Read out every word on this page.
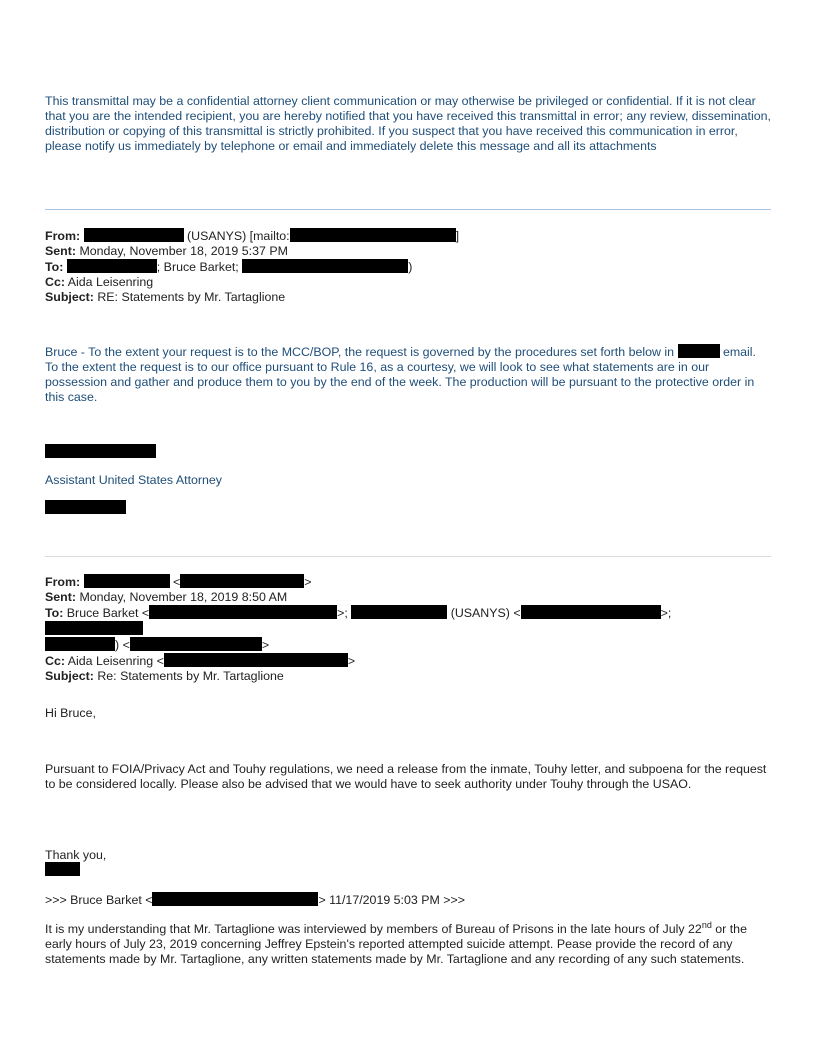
This transmittal may be a confidential attorney client communication or may otherwise be privileged or confidential. If it is not clear that you are the intended recipient, you are hereby notified that you have received this transmittal in error; any review, dissemination, distribution or copying of this transmittal is strictly prohibited. If you suspect that you have received this communication in error, please notify us immediately by telephone or email and immediately delete this message and all its attachments

From:	(USANYS) [mailto:	]

Sent: Monday, November 18, 2019 5:37 PM

To:	; Bruce Barket;	)

Cc: Aida Leisenring

Subject: RE: Statements by Mr. Tartaglione

Bruce - To the extent your request is to the MCC/BOP, the request is governed by the procedures set forth below in	email. To the extent the request is to our office pursuant to Rule 16, as a courtesy, we will look to see what statements are in our possession and gather and produce them to you by the end of the week. The production will be pursuant to the protective order in this case.

Assistant United States Attorney

From:	<	>

Sent: Monday, November 18, 2019 8:50 AM

To: Bruce Barket <	>;	(USANYS) <	>;

) <	>

Cc: Aida Leisenring <	>

Subject: Re: Statements by Mr. Tartaglione

Hi Bruce,

Pursuant to FOIA/Privacy Act and Touhy regulations, we need a release from the inmate, Touhy letter, and subpoena for the request to be considered locally. Please also be advised that we would have to seek authority under Touhy through the USAO.

Thank you,

>>> Bruce Barket <	> 11/17/2019 5:03 PM >>>

It is my understanding that Mr. Tartaglione was interviewed by members of Bureau of Prisons in the late hours of July 22nd or the early hours of July 23, 2019 concerning Jeffrey Epstein's reported attempted suicide attempt. Pease provide the record of any statements made by Mr. Tartaglione, any written statements made by Mr. Tartaglione and any recording of any such statements.
